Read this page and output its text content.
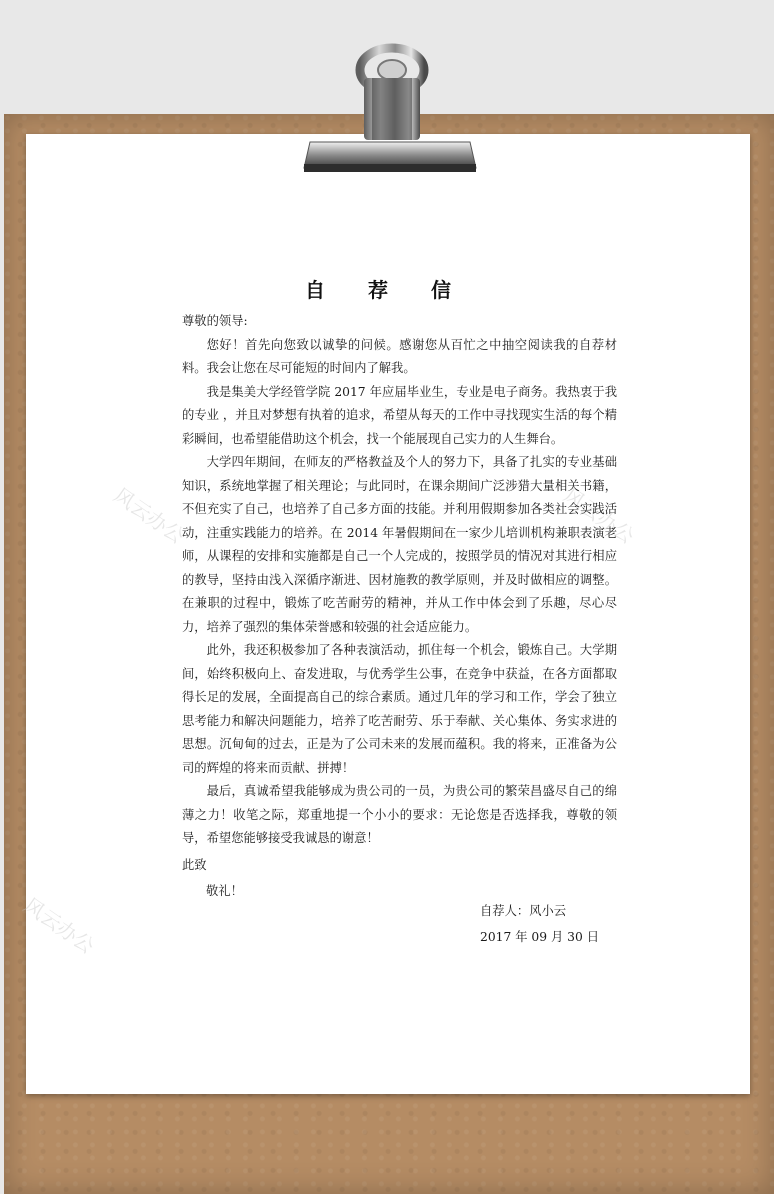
风云办公	风云办公
风云办公
自 荐 信
尊敬的领导:

您好！首先向您致以诚挚的问候。感谢您从百忙之中抽空阅读我的自荐材料。我会让您在尽可能短的时间内了解我。

我是集美大学经管学院 2017 年应届毕业生，专业是电子商务。我热衷于我的专业 ，并且对梦想有执着的追求，希望从每天的工作中寻找现实生活的每个精彩瞬间，也希望能借助这个机会，找一个能展现自己实力的人生舞台。

大学四年期间，在师友的严格教益及个人的努力下，具备了扎实的专业基础知识，系统地掌握了相关理论；与此同时，在课余期间广泛涉猎大量相关书籍，不但充实了自己，也培养了自己多方面的技能。并利用假期参加各类社会实践活动，注重实践能力的培养。在 2014 年暑假期间在一家少儿培训机构兼职表演老师，从课程的安排和实施都是自己一个人完成的，按照学员的情况对其进行相应的教导，坚持由浅入深循序渐进、因材施教的教学原则，并及时做相应的调整。在兼职的过程中，锻炼了吃苦耐劳的精神，并从工作中体会到了乐趣，尽心尽力，培养了强烈的集体荣誉感和较强的社会适应能力。

此外，我还积极参加了各种表演活动，抓住每一个机会，锻炼自己。大学期间，始终积极向上、奋发进取，与优秀学生公事，在竞争中获益，在各方面都取得长足的发展，全面提高自己的综合素质。通过几年的学习和工作，学会了独立思考能力和解决问题能力，培养了吃苦耐劳、乐于奉献、关心集体、务实求进的思想。沉甸甸的过去，正是为了公司未来的发展而蕴积。我的将来，正准备为公司的辉煌的将来而贡献、拼搏！

最后，真诚希望我能够成为贵公司的一员，为贵公司的繁荣昌盛尽自己的绵薄之力！收笔之际，郑重地提一个小小的要求：无论您是否选择我，尊敬的领导，希望您能够接受我诚恳的谢意！

此致
敬礼！
自荐人：风小云
2017 年 09 月 30 日
